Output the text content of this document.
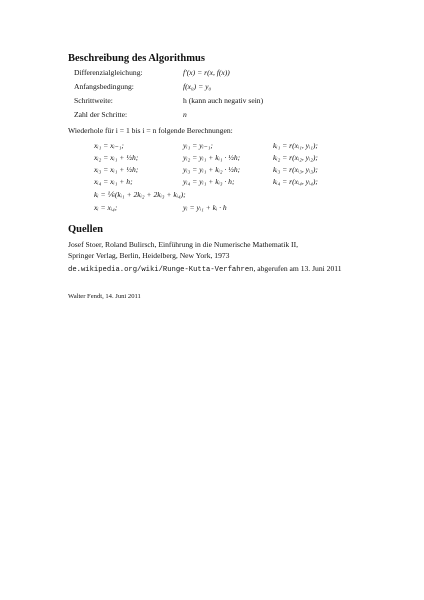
Beschreibung des Algorithmus
Differenzialgleichung:	f′(x) = r(x, f(x))
Anfangsbedingung:	f(x₀) = y₀
Schrittweite:	h (kann auch negativ sein)
Zahl der Schritte:	n
Wiederhole für i = 1 bis i = n folgende Berechnungen:
xᵢ₁ = xᵢ₋₁;	yᵢ₁ = yᵢ₋₁;	kᵢ₁ = r(xᵢ₁, yᵢ₁);
xᵢ₂ = xᵢ₁ + ½h;	yᵢ₂ = yᵢ₁ + kᵢ₁ · ½h;	kᵢ₂ = r(xᵢ₂, yᵢ₂);
xᵢ₃ = xᵢ₁ + ½h;	yᵢ₃ = yᵢ₁ + kᵢ₂ · ½h;	kᵢ₃ = r(xᵢ₃, yᵢ₃);
xᵢ₄ = xᵢ₁ + h;	yᵢ₄ = yᵢ₁ + kᵢ₃ · h;	kᵢ₄ = r(xᵢ₄, yᵢ₄);
kᵢ = ⅙(kᵢ₁ + 2kᵢ₂ + 2kᵢ₃ + kᵢ₄);
xᵢ = xᵢ₄;	yᵢ = yᵢ₁ + kᵢ · h
Quellen
Josef Stoer, Roland Bulirsch, Einführung in die Numerische Mathematik II,
Springer Verlag, Berlin, Heidelberg, New York, 1973
de.wikipedia.org/wiki/Runge-Kutta-Verfahren, abgerufen am 13. Juni 2011
Walter Fendt, 14. Juni 2011
